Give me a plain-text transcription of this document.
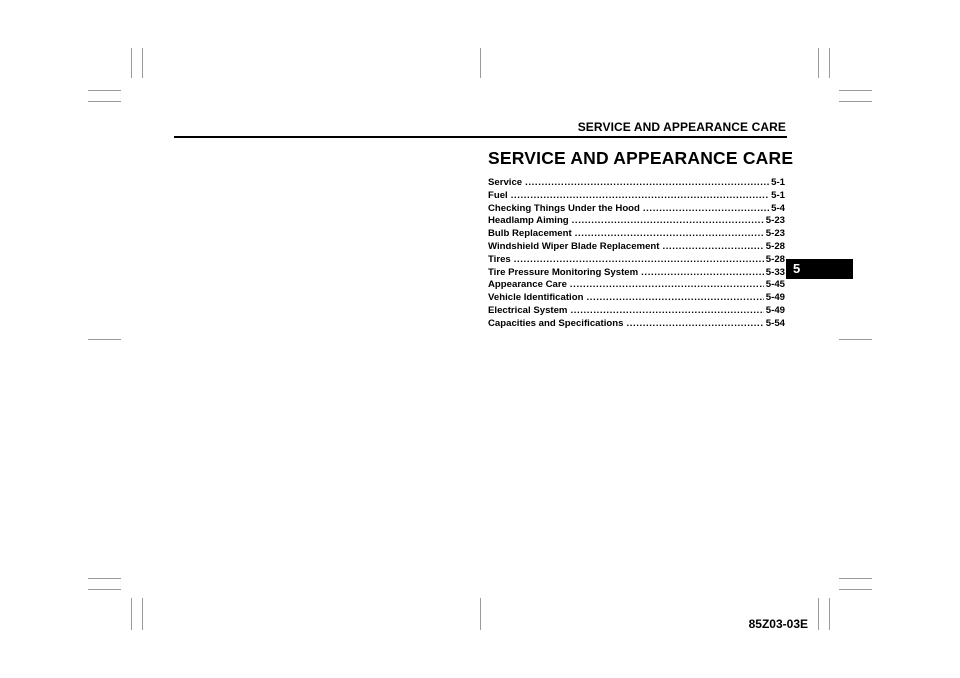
SERVICE AND APPEARANCE CARE
5
SERVICE AND APPEARANCE CARE
Service .....	5-1
Fuel .....	5-1
Checking Things Under the Hood .....	5-4
Headlamp Aiming .....	5-23
Bulb Replacement .....	5-23
Windshield Wiper Blade Replacement .....	5-28
Tires .....	5-28
Tire Pressure Monitoring System .....	5-33
Appearance Care .....	5-45
Vehicle Identification .....	5-49
Electrical System .....	5-49
Capacities and Specifications .....	5-54
85Z03-03E
